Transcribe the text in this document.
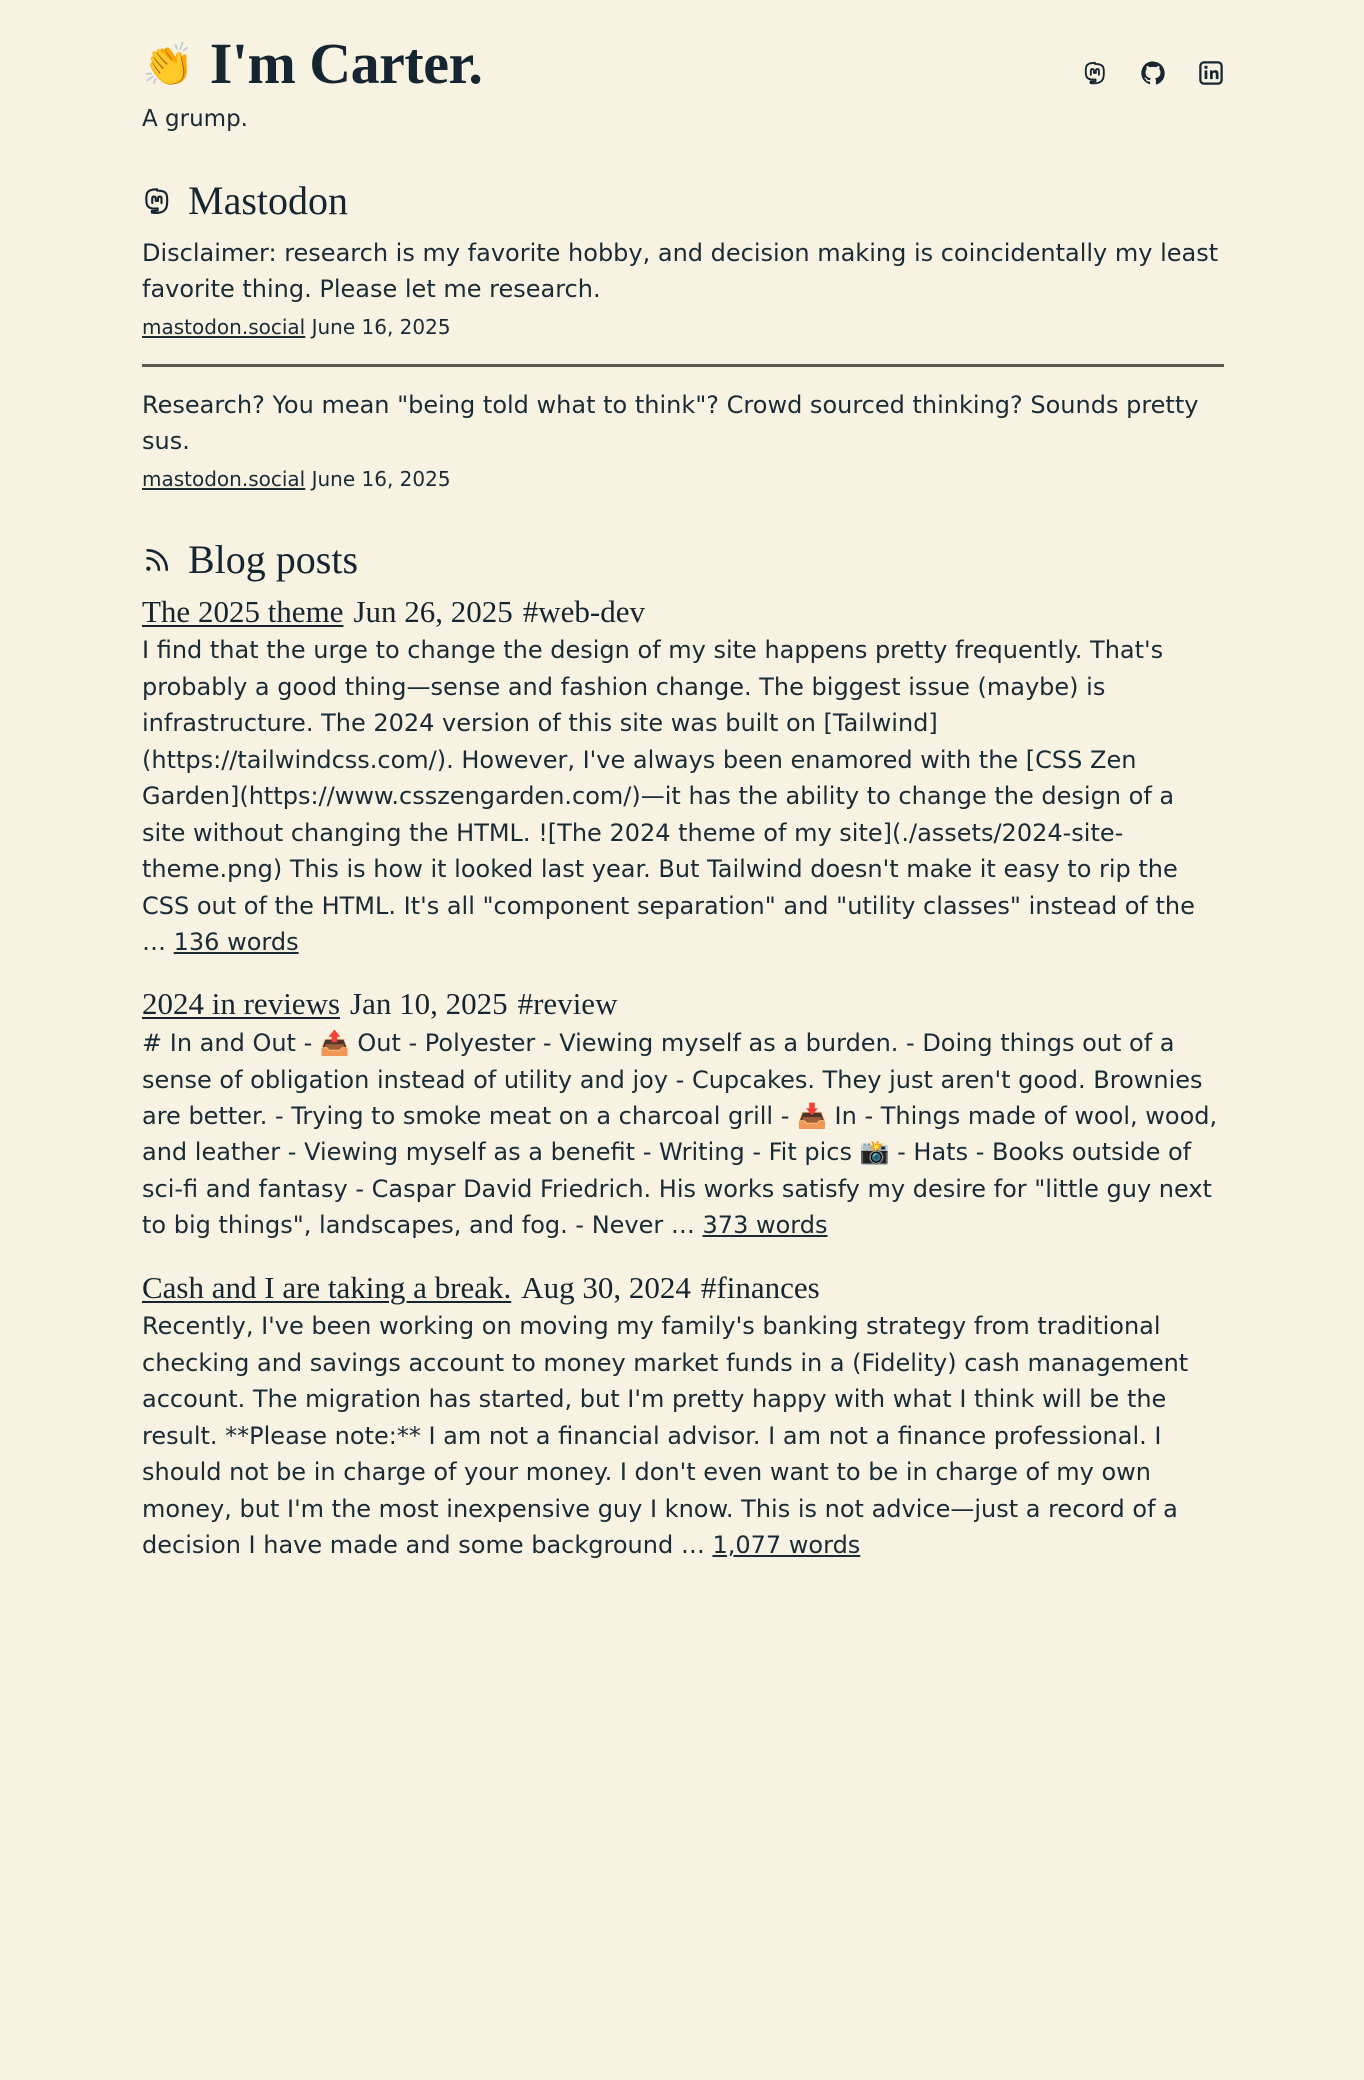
👏 I'm Carter.

A grump.

Mastodon

Disclaimer: research is my favorite hobby, and decision making is coincidentally my least favorite thing. Please let me research.

mastodon.social June 16, 2025

Research? You mean "being told what to think"? Crowd sourced thinking? Sounds pretty sus.

mastodon.social June 16, 2025

Blog posts
The 2025 theme Jun 26, 2025 #web-dev

I find that the urge to change the design of my site happens pretty frequently. That's probably a good thing—sense and fashion change. The biggest issue (maybe) is infrastructure. The 2024 version of this site was built on [Tailwind](https://tailwindcss.com/). However, I've always been enamored with the [CSS Zen Garden](https://www.csszengarden.com/)—it has the ability to change the design of a site without changing the HTML. ![The 2024 theme of my site](./assets/2024-site-theme.png) This is how it looked last year. But Tailwind doesn't make it easy to rip the CSS out of the HTML. It's all "component separation" and "utility classes" instead of the … 136 words

2024 in reviews Jan 10, 2025 #review

# In and Out - 📤 Out - Polyester - Viewing myself as a burden. - Doing things out of a sense of obligation instead of utility and joy - Cupcakes. They just aren't good. Brownies are better. - Trying to smoke meat on a charcoal grill - 📥 In - Things made of wool, wood, and leather - Viewing myself as a benefit - Writing - Fit pics 📸 - Hats - Books outside of sci-fi and fantasy - Caspar David Friedrich. His works satisfy my desire for "little guy next to big things", landscapes, and fog. - Never … 373 words

Cash and I are taking a break. Aug 30, 2024 #finances

Recently, I've been working on moving my family's banking strategy from traditional checking and savings account to money market funds in a (Fidelity) cash management account. The migration has started, but I'm pretty happy with what I think will be the result. **Please note:** I am not a financial advisor. I am not a finance professional. I should not be in charge of your money. I don't even want to be in charge of my own money, but I'm the most inexpensive guy I know. This is not advice—just a record of a decision I have made and some background … 1,077 words
